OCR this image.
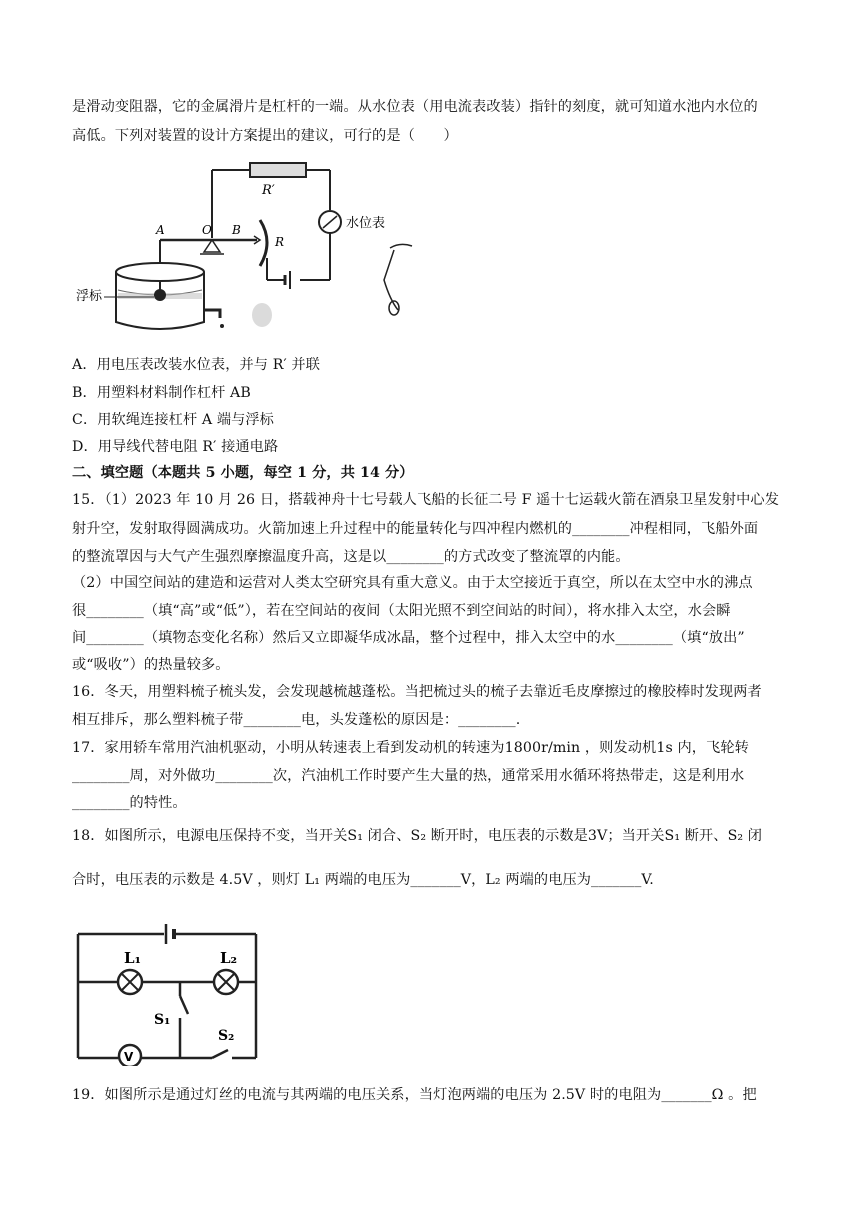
是滑动变阻器，它的金属滑片是杠杆的一端。从水位表（用电流表改装）指针的刻度，就可知道水池内水位的
高低。下列对装置的设计方案提出的建议，可行的是（　　）
R′
水位表
A	O B
R
浮标
A．用电压表改装水位表，并与 R′ 并联
B．用塑料材料制作杠杆 AB
C．用软绳连接杠杆 A 端与浮标
D．用导线代替电阻 R′ 接通电路
二、填空题（本题共 5 小题，每空 1 分，共 14 分）
15．（1）2023 年 10 月 26 日，搭载神舟十七号载人飞船的长征二号 F 遥十七运载火箭在酒泉卫星发射中心发
射升空，发射取得圆满成功。火箭加速上升过程中的能量转化与四冲程内燃机的________冲程相同，飞船外面
的整流罩因与大气产生强烈摩擦温度升高，这是以________的方式改变了整流罩的内能。
（2）中国空间站的建造和运营对人类太空研究具有重大意义。由于太空接近于真空，所以在太空中水的沸点
很________（填“高”或“低”），若在空间站的夜间（太阳光照不到空间站的时间），将水排入太空，水会瞬
间________（填物态变化名称）然后又立即凝华成冰晶，整个过程中，排入太空中的水________（填“放出”
或“吸收”）的热量较多。
16．冬天，用塑料梳子梳头发，会发现越梳越蓬松。当把梳过头的梳子去靠近毛皮摩擦过的橡胶棒时发现两者
相互排斥，那么塑料梳子带________电，头发蓬松的原因是：________.
17．家用轿车常用汽油机驱动，小明从转速表上看到发动机的转速为1800r/min ，则发动机1s 内，飞轮转
________周，对外做功________次，汽油机工作时要产生大量的热，通常采用水循环将热带走，这是利用水
________的特性。
18．如图所示，电源电压保持不变，当开关S₁ 闭合、S₂ 断开时，电压表的示数是3V；当开关S₁ 断开、S₂ 闭
合时，电压表的示数是 4.5V ，则灯 L₁ 两端的电压为_______V，L₂ 两端的电压为_______V.
L₁	L₂
S₁
V
S₂
19．如图所示是通过灯丝的电流与其两端的电压关系，当灯泡两端的电压为 2.5V 时的电阻为_______Ω 。把
